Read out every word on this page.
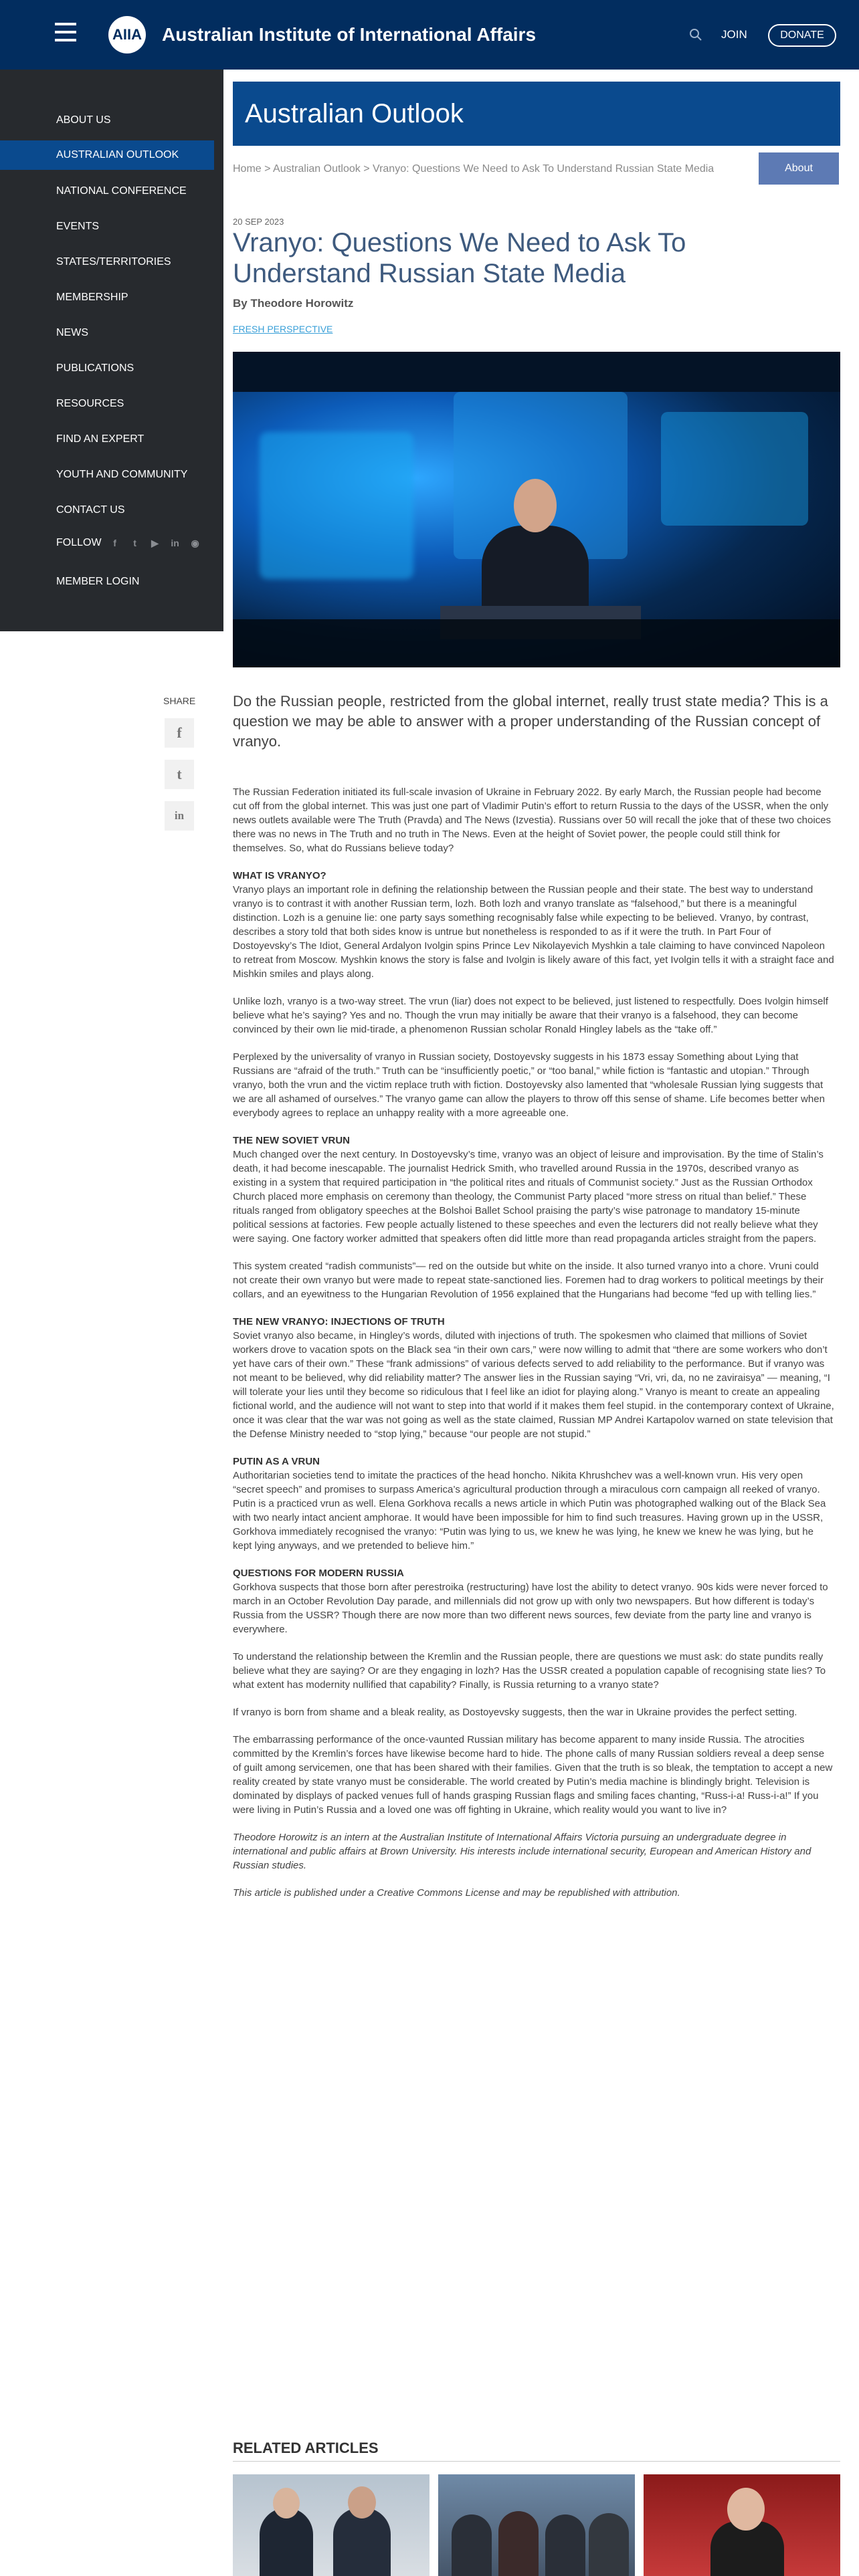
AIIA Australian Institute of International Affairs	JOIN	DONATE
ABOUT US
AUSTRALIAN OUTLOOK
NATIONAL CONFERENCE
EVENTS
STATES/TERRITORIES
MEMBERSHIP
NEWS
PUBLICATIONS
RESOURCES
FIND AN EXPERT
YOUTH AND COMMUNITY
CONTACT US
FOLLOW	f	t	▶	in ◉
MEMBER LOGIN
Australian Outlook
Home > Australian Outlook > Vranyo: Questions We Need to Ask To Understand Russian State Media	About
20 SEP 2023
Vranyo: Questions We Need to Ask To Understand Russian State Media
By Theodore Horowitz
FRESH PERSPECTIVE
SHARE
f
t
in
Do the Russian people, restricted from the global internet, really trust state media? This is a question we may be able to answer with a proper understanding of the Russian concept of vranyo.

The Russian Federation initiated its full-scale invasion of Ukraine in February 2022. By early March, the Russian people had become cut off from the global internet. This was just one part of Vladimir Putin’s effort to return Russia to the days of the USSR, when the only news outlets available were The Truth (Pravda) and The News (Izvestia). Russians over 50 will recall the joke that of these two choices there was no news in The Truth and no truth in The News. Even at the height of Soviet power, the people could still think for themselves. So, what do Russians believe today?

WHAT IS VRANYO?

Vranyo plays an important role in defining the relationship between the Russian people and their state. The best way to understand vranyo is to contrast it with another Russian term, lozh. Both lozh and vranyo translate as “falsehood,” but there is a meaningful distinction. Lozh is a genuine lie: one party says something recognisably false while expecting to be believed. Vranyo, by contrast, describes a story told that both sides know is untrue but nonetheless is responded to as if it were the truth. In Part Four of Dostoyevsky’s The Idiot, General Ardalyon Ivolgin spins Prince Lev Nikolayevich Myshkin a tale claiming to have convinced Napoleon to retreat from Moscow. Myshkin knows the story is false and Ivolgin is likely aware of this fact, yet Ivolgin tells it with a straight face and Mishkin smiles and plays along.

Unlike lozh, vranyo is a two-way street. The vrun (liar) does not expect to be believed, just listened to respectfully. Does Ivolgin himself believe what he’s saying? Yes and no. Though the vrun may initially be aware that their vranyo is a falsehood, they can become convinced by their own lie mid-tirade, a phenomenon Russian scholar Ronald Hingley labels as the “take off.”

Perplexed by the universality of vranyo in Russian society, Dostoyevsky suggests in his 1873 essay Something about Lying that Russians are “afraid of the truth.” Truth can be “insufficiently poetic,” or “too banal,” while fiction is “fantastic and utopian.” Through vranyo, both the vrun and the victim replace truth with fiction. Dostoyevsky also lamented that “wholesale Russian lying suggests that we are all ashamed of ourselves.” The vranyo game can allow the players to throw off this sense of shame. Life becomes better when everybody agrees to replace an unhappy reality with a more agreeable one.

THE NEW SOVIET VRUN

Much changed over the next century. In Dostoyevsky’s time, vranyo was an object of leisure and improvisation. By the time of Stalin’s death, it had become inescapable. The journalist Hedrick Smith, who travelled around Russia in the 1970s, described vranyo as existing in a system that required participation in “the political rites and rituals of Communist society.” Just as the Russian Orthodox Church placed more emphasis on ceremony than theology, the Communist Party placed “more stress on ritual than belief.” These rituals ranged from obligatory speeches at the Bolshoi Ballet School praising the party’s wise patronage to mandatory 15-minute political sessions at factories. Few people actually listened to these speeches and even the lecturers did not really believe what they were saying. One factory worker admitted that speakers often did little more than read propaganda articles straight from the papers.

This system created “radish communists”— red on the outside but white on the inside. It also turned vranyo into a chore. Vruni could not create their own vranyo but were made to repeat state-sanctioned lies. Foremen had to drag workers to political meetings by their collars, and an eyewitness to the Hungarian Revolution of 1956 explained that the Hungarians had become “fed up with telling lies.”

THE NEW VRANYO: INJECTIONS OF TRUTH

Soviet vranyo also became, in Hingley’s words, diluted with injections of truth. The spokesmen who claimed that millions of Soviet workers drove to vacation spots on the Black sea “in their own cars,” were now willing to admit that “there are some workers who don’t yet have cars of their own.” These “frank admissions” of various defects served to add reliability to the performance. But if vranyo was not meant to be believed, why did reliability matter? The answer lies in the Russian saying “Vri, vri, da, no ne zaviraisya” — meaning, “I will tolerate your lies until they become so ridiculous that I feel like an idiot for playing along.” Vranyo is meant to create an appealing fictional world, and the audience will not want to step into that world if it makes them feel stupid. in the contemporary context of Ukraine, once it was clear that the war was not going as well as the state claimed, Russian MP Andrei Kartapolov warned on state television that the Defense Ministry needed to “stop lying,” because “our people are not stupid.”

PUTIN AS A VRUN

Authoritarian societies tend to imitate the practices of the head honcho. Nikita Khrushchev was a well-known vrun. His very open “secret speech” and promises to surpass America’s agricultural production through a miraculous corn campaign all reeked of vranyo. Putin is a practiced vrun as well. Elena Gorkhova recalls a news article in which Putin was photographed walking out of the Black Sea with two nearly intact ancient amphorae. It would have been impossible for him to find such treasures. Having grown up in the USSR, Gorkhova immediately recognised the vranyo: “Putin was lying to us, we knew he was lying, he knew we knew he was lying, but he kept lying anyways, and we pretended to believe him.”

QUESTIONS FOR MODERN RUSSIA

Gorkhova suspects that those born after perestroika (restructuring) have lost the ability to detect vranyo. 90s kids were never forced to march in an October Revolution Day parade, and millennials did not grow up with only two newspapers. But how different is today’s Russia from the USSR? Though there are now more than two different news sources, few deviate from the party line and vranyo is everywhere.

To understand the relationship between the Kremlin and the Russian people, there are questions we must ask: do state pundits really believe what they are saying? Or are they engaging in lozh? Has the USSR created a population capable of recognising state lies? To what extent has modernity nullified that capability? Finally, is Russia returning to a vranyo state?

If vranyo is born from shame and a bleak reality, as Dostoyevsky suggests, then the war in Ukraine provides the perfect setting.

The embarrassing performance of the once-vaunted Russian military has become apparent to many inside Russia. The atrocities committed by the Kremlin’s forces have likewise become hard to hide. The phone calls of many Russian soldiers reveal a deep sense of guilt among servicemen, one that has been shared with their families. Given that the truth is so bleak, the temptation to accept a new reality created by state vranyo must be considerable. The world created by Putin’s media machine is blindingly bright. Television is dominated by displays of packed venues full of hands grasping Russian flags and smiling faces chanting, “Russ-i-a! Russ-i-a!” If you were living in Putin’s Russia and a loved one was off fighting in Ukraine, which reality would you want to live in?

Theodore Horowitz is an intern at the Australian Institute of International Affairs Victoria pursuing an undergraduate degree in international and public affairs at Brown University. His interests include international security, European and American History and Russian studies.

This article is published under a Creative Commons License and may be republished with attribution.

RELATED ARTICLES
